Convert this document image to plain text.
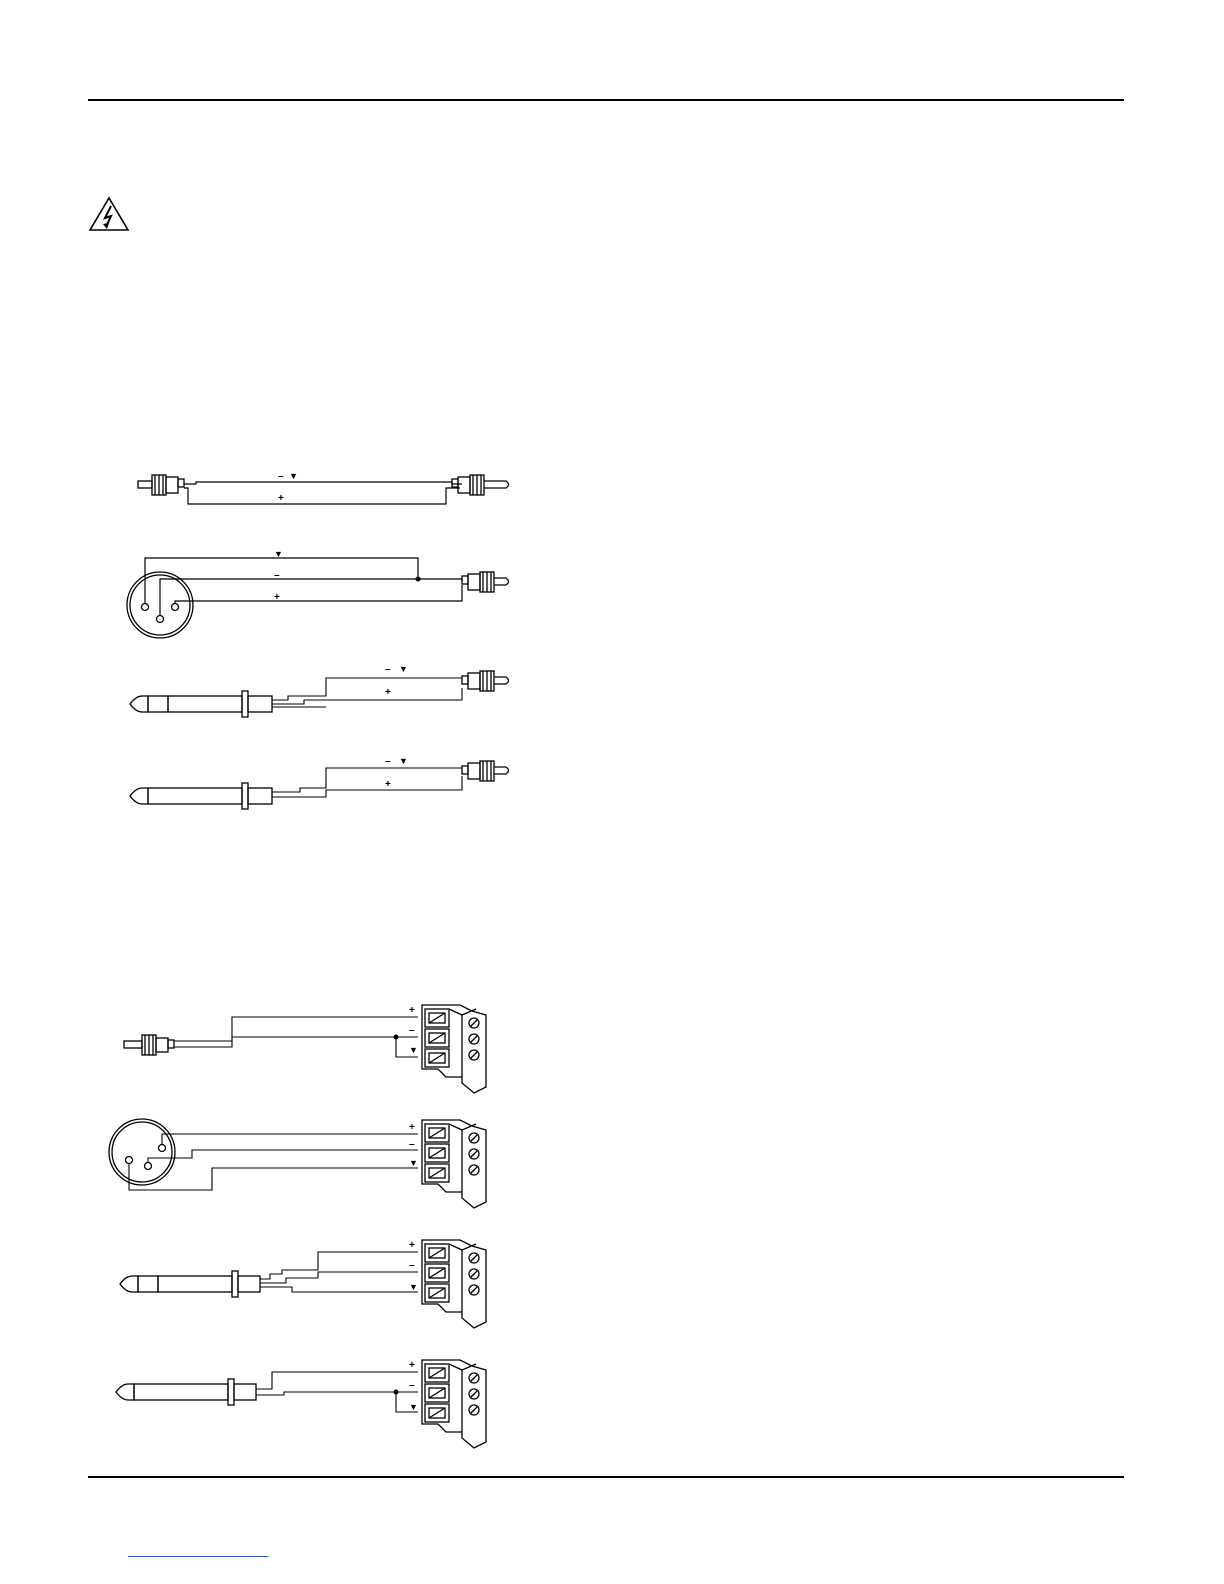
– ▼
+
▼
–
+
– ▼
+
– ▼
+
+
–
▼
+
–
▼
+
–
▼
+
–
▼
